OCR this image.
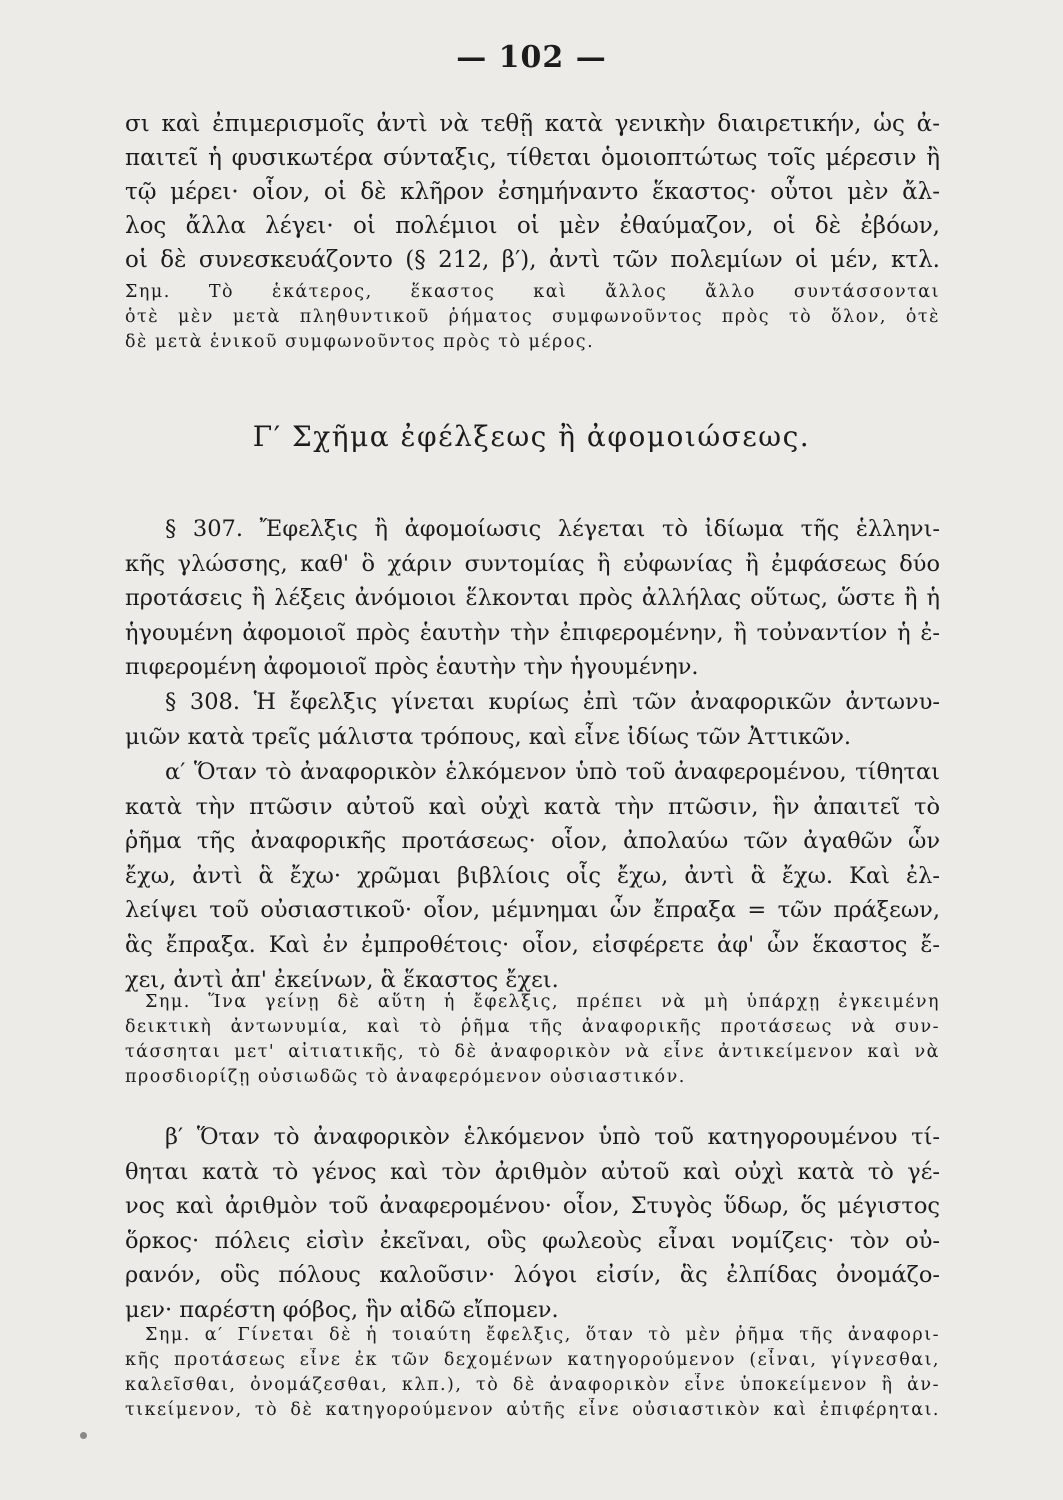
— 102 —
σι καὶ ἐπιμερισμοῖς ἀντὶ νὰ τεθῇ κατὰ γενικὴν διαιρετικήν, ὡς ἀ-
παιτεῖ ἡ φυσικωτέρα σύνταξις, τίθεται ὁμοιοπτώτως τοῖς μέρεσιν ἢ
τῷ μέρει· οἷον, οἱ δὲ κλῆρον ἐσημήναντο ἕκαστος· οὗτοι μὲν ἄλ-
λος ἄλλα λέγει· οἱ πολέμιοι οἱ μὲν ἐθαύμαζον, οἱ δὲ ἐβόων,
οἱ δὲ συνεσκευάζοντο (§ 212, β′), ἀντὶ τῶν πολεμίων οἱ μέν, κτλ.
Σημ. Τὸ ἑκάτερος, ἕκαστος καὶ ἄλλος ἄλλο συντάσσονται
ὁτὲ μὲν μετὰ πληθυντικοῦ ῥήματος συμφωνοῦντος πρὸς τὸ ὅλον, ὁτὲ
δὲ μετὰ ἑνικοῦ συμφωνοῦντος πρὸς τὸ μέρος.
Γ′ Σχῆμα ἐφέλξεως ἢ ἀφομοιώσεως.
§ 307. Ἔφελξις ἢ ἀφομοίωσις λέγεται τὸ ἰδίωμα τῆς ἑλληνι-
κῆς γλώσσης, καθ' ὃ χάριν συντομίας ἢ εὐφωνίας ἢ ἐμφάσεως δύο
προτάσεις ἢ λέξεις ἀνόμοιοι ἕλκονται πρὸς ἀλλήλας οὕτως, ὥστε ἢ ἡ
ἡγουμένη ἀφομοιοῖ πρὸς ἑαυτὴν τὴν ἐπιφερομένην, ἢ τοὐναντίον ἡ ἐ-
πιφερομένη ἀφομοιοῖ πρὸς ἑαυτὴν τὴν ἡγουμένην.
§ 308. Ἡ ἔφελξις γίνεται κυρίως ἐπὶ τῶν ἀναφορικῶν ἀντωνυ-
μιῶν κατὰ τρεῖς μάλιστα τρόπους, καὶ εἶνε ἰδίως τῶν Ἀττικῶν.
α′ Ὅταν τὸ ἀναφορικὸν ἑλκόμενον ὑπὸ τοῦ ἀναφερομένου, τίθηται
κατὰ τὴν πτῶσιν αὐτοῦ καὶ οὐχὶ κατὰ τὴν πτῶσιν, ἣν ἀπαιτεῖ τὸ
ῥῆμα τῆς ἀναφορικῆς προτάσεως· οἷον, ἀπολαύω τῶν ἀγαθῶν ὧν
ἔχω, ἀντὶ ἃ ἔχω· χρῶμαι βιβλίοις οἷς ἔχω, ἀντὶ ἃ ἔχω. Καὶ ἐλ-
λείψει τοῦ οὐσιαστικοῦ· οἷον, μέμνημαι ὧν ἔπραξα = τῶν πράξεων,
ἃς ἔπραξα. Καὶ ἐν ἐμπροθέτοις· οἷον, εἰσφέρετε ἀφ' ὧν ἕκαστος ἔ-
χει, ἀντὶ ἀπ' ἐκείνων, ἃ ἕκαστος ἔχει.
Σημ. Ἵνα γείνῃ δὲ αὕτη ἡ ἔφελξις, πρέπει νὰ μὴ ὑπάρχῃ ἐγκειμένη
δεικτικὴ ἀντωνυμία, καὶ τὸ ῥῆμα τῆς ἀναφορικῆς προτάσεως νὰ συν-
τάσσηται μετ' αἰτιατικῆς, τὸ δὲ ἀναφορικὸν νὰ εἶνε ἀντικείμενον καὶ νὰ
προσδιορίζῃ οὐσιωδῶς τὸ ἀναφερόμενον οὐσιαστικόν.
β′ Ὅταν τὸ ἀναφορικὸν ἑλκόμενον ὑπὸ τοῦ κατηγορουμένου τί-
θηται κατὰ τὸ γένος καὶ τὸν ἀριθμὸν αὐτοῦ καὶ οὐχὶ κατὰ τὸ γέ-
νος καὶ ἀριθμὸν τοῦ ἀναφερομένου· οἷον, Στυγὸς ὕδωρ, ὅς μέγιστος
ὅρκος· πόλεις εἰσὶν ἐκεῖναι, οὓς φωλεοὺς εἶναι νομίζεις· τὸν οὐ-
ρανόν, οὓς πόλους καλοῦσιν· λόγοι εἰσίν, ἃς ἐλπίδας ὀνομάζο-
μεν· παρέστη φόβος, ἣν αἰδῶ εἴπομεν.
Σημ. α′ Γίνεται δὲ ἡ τοιαύτη ἔφελξις, ὅταν τὸ μὲν ῥῆμα τῆς ἀναφορι-
κῆς προτάσεως εἶνε ἐκ τῶν δεχομένων κατηγορούμενον (εἶναι, γίγνεσθαι,
καλεῖσθαι, ὀνομάζεσθαι, κλπ.), τὸ δὲ ἀναφορικὸν εἶνε ὑποκείμενον ἢ ἀν-
τικείμενον, τὸ δὲ κατηγορούμενον αὐτῆς εἶνε οὐσιαστικὸν καὶ ἐπιφέρηται.
